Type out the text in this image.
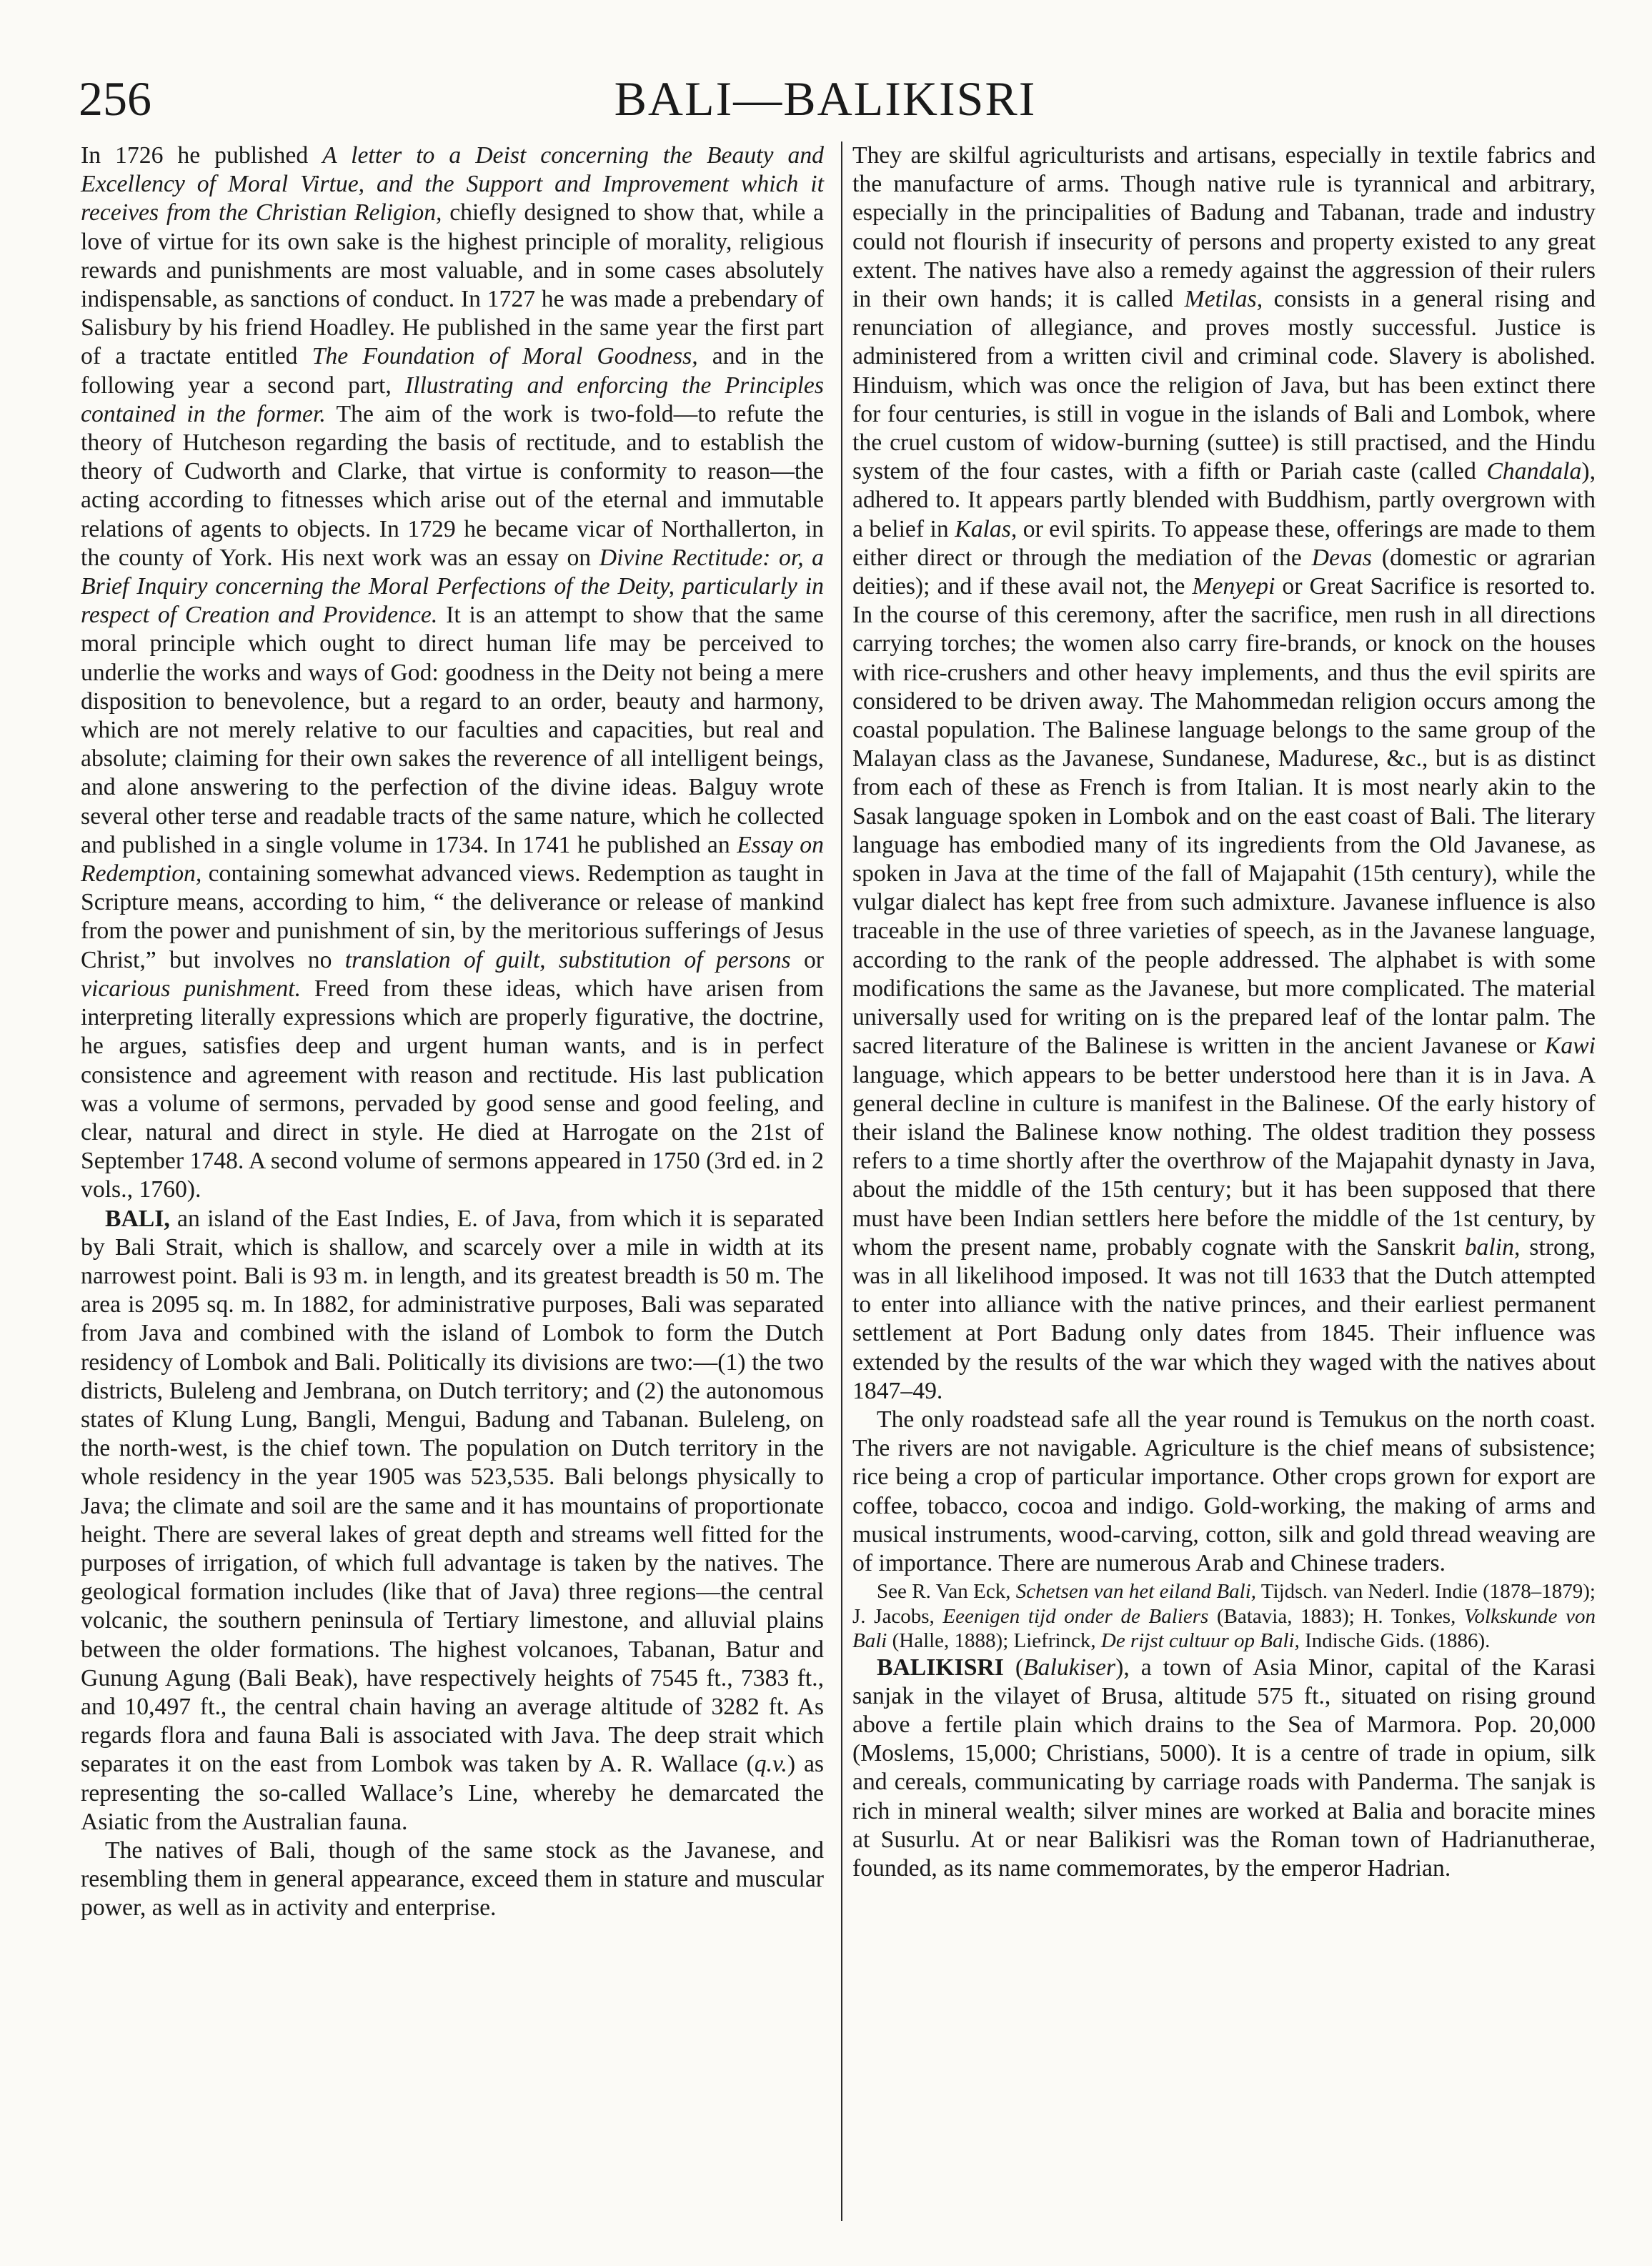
256	BALI—BALIKISRI

In 1726 he published A letter to a Deist concerning the Beauty and Excellency of Moral Virtue, and the Support and Improvement which it receives from the Christian Religion, chiefly designed to show that, while a love of virtue for its own sake is the highest principle of morality, religious rewards and punishments are most valuable, and in some cases absolutely indispensable, as sanctions of conduct. In 1727 he was made a prebendary of Salisbury by his friend Hoadley. He published in the same year the first part of a tractate entitled The Foundation of Moral Goodness, and in the following year a second part, Illustrating and enforcing the Principles contained in the former. The aim of the work is two-fold—to refute the theory of Hutcheson regarding the basis of rectitude, and to establish the theory of Cudworth and Clarke, that virtue is conformity to reason—the acting according to fitnesses which arise out of the eternal and immutable relations of agents to objects. In 1729 he became vicar of Northallerton, in the county of York. His next work was an essay on Divine Rectitude: or, a Brief Inquiry concerning the Moral Perfections of the Deity, particularly in respect of Creation and Providence. It is an attempt to show that the same moral principle which ought to direct human life may be perceived to underlie the works and ways of God: goodness in the Deity not being a mere disposition to benevolence, but a regard to an order, beauty and harmony, which are not merely relative to our faculties and capacities, but real and absolute; claiming for their own sakes the reverence of all intelligent beings, and alone answering to the perfection of the divine ideas. Balguy wrote several other terse and readable tracts of the same nature, which he collected and published in a single volume in 1734. In 1741 he published an Essay on Redemption, containing somewhat advanced views. Redemption as taught in Scripture means, according to him, “ the deliverance or release of mankind from the power and punishment of sin, by the meritorious sufferings of Jesus Christ,” but involves no translation of guilt, substitution of persons or vicarious punishment. Freed from these ideas, which have arisen from interpreting literally expressions which are properly figurative, the doctrine, he argues, satisfies deep and urgent human wants, and is in perfect consistence and agreement with reason and rectitude. His last publication was a volume of sermons, pervaded by good sense and good feeling, and clear, natural and direct in style. He died at Harrogate on the 21st of September 1748. A second volume of sermons appeared in 1750 (3rd ed. in 2 vols., 1760).

BALI, an island of the East Indies, E. of Java, from which it is separated by Bali Strait, which is shallow, and scarcely over a mile in width at its narrowest point. Bali is 93 m. in length, and its greatest breadth is 50 m. The area is 2095 sq. m. In 1882, for administrative purposes, Bali was separated from Java and combined with the island of Lombok to form the Dutch residency of Lombok and Bali. Politically its divisions are two:—(1) the two districts, Buleleng and Jembrana, on Dutch territory; and (2) the autonomous states of Klung Lung, Bangli, Mengui, Badung and Tabanan. Buleleng, on the north-west, is the chief town. The population on Dutch territory in the whole residency in the year 1905 was 523,535. Bali belongs physically to Java; the climate and soil are the same and it has mountains of proportionate height. There are several lakes of great depth and streams well fitted for the purposes of irrigation, of which full advantage is taken by the natives. The geological formation includes (like that of Java) three regions—the central volcanic, the southern peninsula of Tertiary limestone, and alluvial plains between the older formations. The highest volcanoes, Tabanan, Batur and Gunung Agung (Bali Beak), have respectively heights of 7545 ft., 7383 ft., and 10,497 ft., the central chain having an average altitude of 3282 ft. As regards flora and fauna Bali is associated with Java. The deep strait which separates it on the east from Lombok was taken by A. R. Wallace (q.v.) as representing the so-called Wallace’s Line, whereby he demarcated the Asiatic from the Australian fauna.

The natives of Bali, though of the same stock as the Javanese, and resembling them in general appearance, exceed them in stature and muscular power, as well as in activity and enterprise.

They are skilful agriculturists and artisans, especially in textile fabrics and the manufacture of arms. Though native rule is tyrannical and arbitrary, especially in the principalities of Badung and Tabanan, trade and industry could not flourish if insecurity of persons and property existed to any great extent. The natives have also a remedy against the aggression of their rulers in their own hands; it is called Metilas, consists in a general rising and renunciation of allegiance, and proves mostly successful. Justice is administered from a written civil and criminal code. Slavery is abolished. Hinduism, which was once the religion of Java, but has been extinct there for four centuries, is still in vogue in the islands of Bali and Lombok, where the cruel custom of widow-burning (suttee) is still practised, and the Hindu system of the four castes, with a fifth or Pariah caste (called Chandala), adhered to. It appears partly blended with Buddhism, partly overgrown with a belief in Kalas, or evil spirits. To appease these, offerings are made to them either direct or through the mediation of the Devas (domestic or agrarian deities); and if these avail not, the Menyepi or Great Sacrifice is resorted to. In the course of this ceremony, after the sacrifice, men rush in all directions carrying torches; the women also carry fire-brands, or knock on the houses with rice-crushers and other heavy implements, and thus the evil spirits are considered to be driven away. The Mahommedan religion occurs among the coastal population. The Balinese language belongs to the same group of the Malayan class as the Javanese, Sundanese, Madurese, &c., but is as distinct from each of these as French is from Italian. It is most nearly akin to the Sasak language spoken in Lombok and on the east coast of Bali. The literary language has embodied many of its ingredients from the Old Javanese, as spoken in Java at the time of the fall of Majapahit (15th century), while the vulgar dialect has kept free from such admixture. Javanese influence is also traceable in the use of three varieties of speech, as in the Javanese language, according to the rank of the people addressed. The alphabet is with some modifications the same as the Javanese, but more complicated. The material universally used for writing on is the prepared leaf of the lontar palm. The sacred literature of the Balinese is written in the ancient Javanese or Kawi language, which appears to be better understood here than it is in Java. A general decline in culture is manifest in the Balinese. Of the early history of their island the Balinese know nothing. The oldest tradition they possess refers to a time shortly after the overthrow of the Majapahit dynasty in Java, about the middle of the 15th century; but it has been supposed that there must have been Indian settlers here before the middle of the 1st century, by whom the present name, probably cognate with the Sanskrit balin, strong, was in all likelihood imposed. It was not till 1633 that the Dutch attempted to enter into alliance with the native princes, and their earliest permanent settlement at Port Badung only dates from 1845. Their influence was extended by the results of the war which they waged with the natives about 1847–49.

The only roadstead safe all the year round is Temukus on the north coast. The rivers are not navigable. Agriculture is the chief means of subsistence; rice being a crop of particular importance. Other crops grown for export are coffee, tobacco, cocoa and indigo. Gold-working, the making of arms and musical instruments, wood-carving, cotton, silk and gold thread weaving are of importance. There are numerous Arab and Chinese traders.

See R. Van Eck, Schetsen van het eiland Bali, Tijdsch. van Nederl. Indie (1878–1879); J. Jacobs, Eeenigen tijd onder de Baliers (Batavia, 1883); H. Tonkes, Volkskunde von Bali (Halle, 1888); Liefrinck, De rijst cultuur op Bali, Indische Gids. (1886).

BALIKISRI (Balukiser), a town of Asia Minor, capital of the Karasi sanjak in the vilayet of Brusa, altitude 575 ft., situated on rising ground above a fertile plain which drains to the Sea of Marmora. Pop. 20,000 (Moslems, 15,000; Christians, 5000). It is a centre of trade in opium, silk and cereals, communicating by carriage roads with Panderma. The sanjak is rich in mineral wealth; silver mines are worked at Balia and boracite mines at Susurlu. At or near Balikisri was the Roman town of Hadrianutherae, founded, as its name commemorates, by the emperor Hadrian.
